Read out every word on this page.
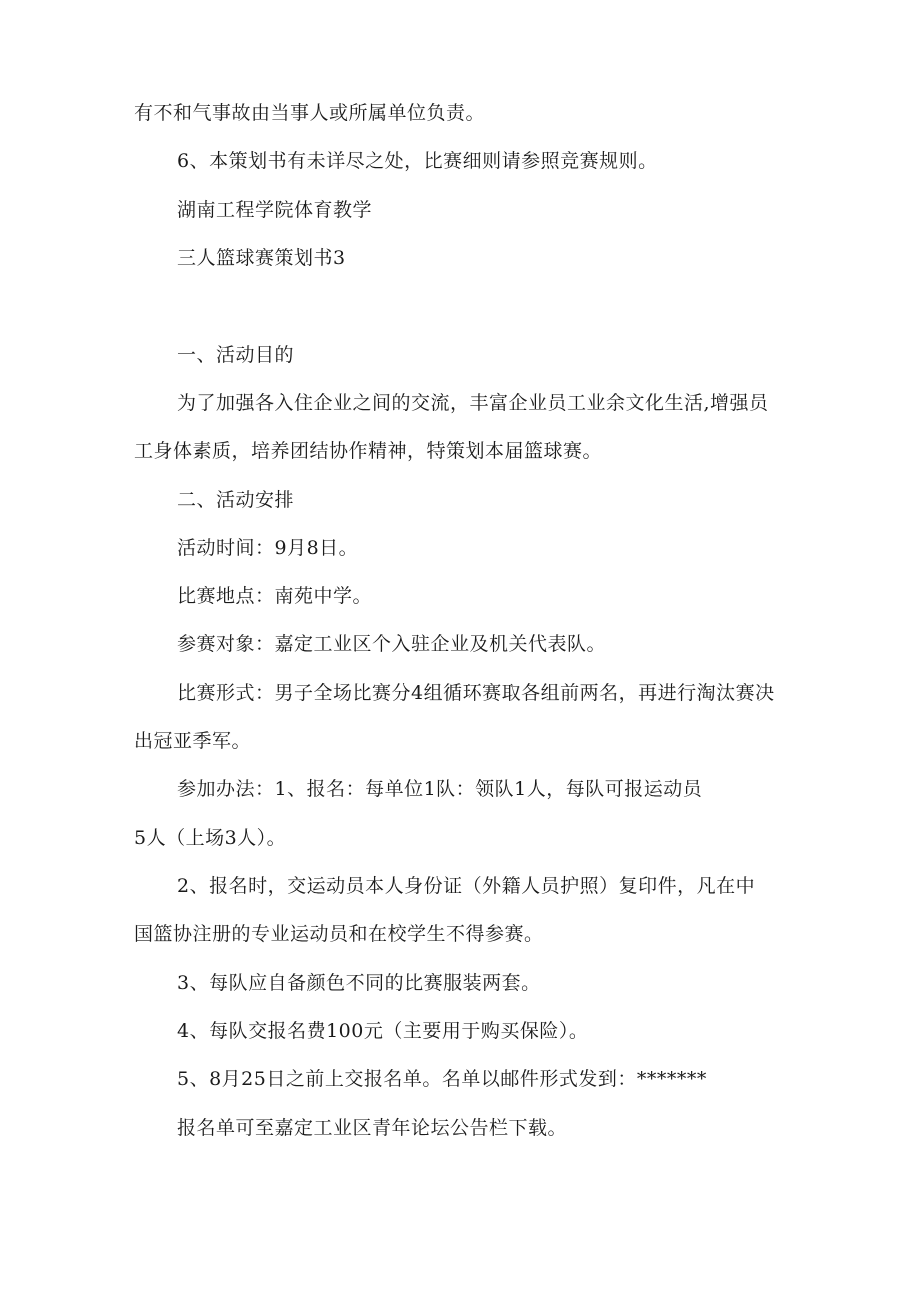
有不和气事故由当事人或所属单位负责。
6、本策划书有未详尽之处，比赛细则请参照竞赛规则。
湖南工程学院体育教学
三人篮球赛策划书3
一、活动目的
为了加强各入住企业之间的交流，丰富企业员工业余文化生活,增强员
工身体素质，培养团结协作精神，特策划本届篮球赛。
二、活动安排
活动时间：9月8日。
比赛地点：南苑中学。
参赛对象：嘉定工业区个入驻企业及机关代表队。
比赛形式：男子全场比赛分4组循环赛取各组前两名，再进行淘汰赛决
出冠亚季军。
参加办法：1、报名：每单位1队：领队1人，每队可报运动员
5人（上场3人）。
2、报名时，交运动员本人身份证（外籍人员护照）复印件，凡在中
国篮协注册的专业运动员和在校学生不得参赛。
3、每队应自备颜色不同的比赛服装两套。
4、每队交报名费100元（主要用于购买保险）。
5、8月25日之前上交报名单。名单以邮件形式发到：*******
报名单可至嘉定工业区青年论坛公告栏下载。
